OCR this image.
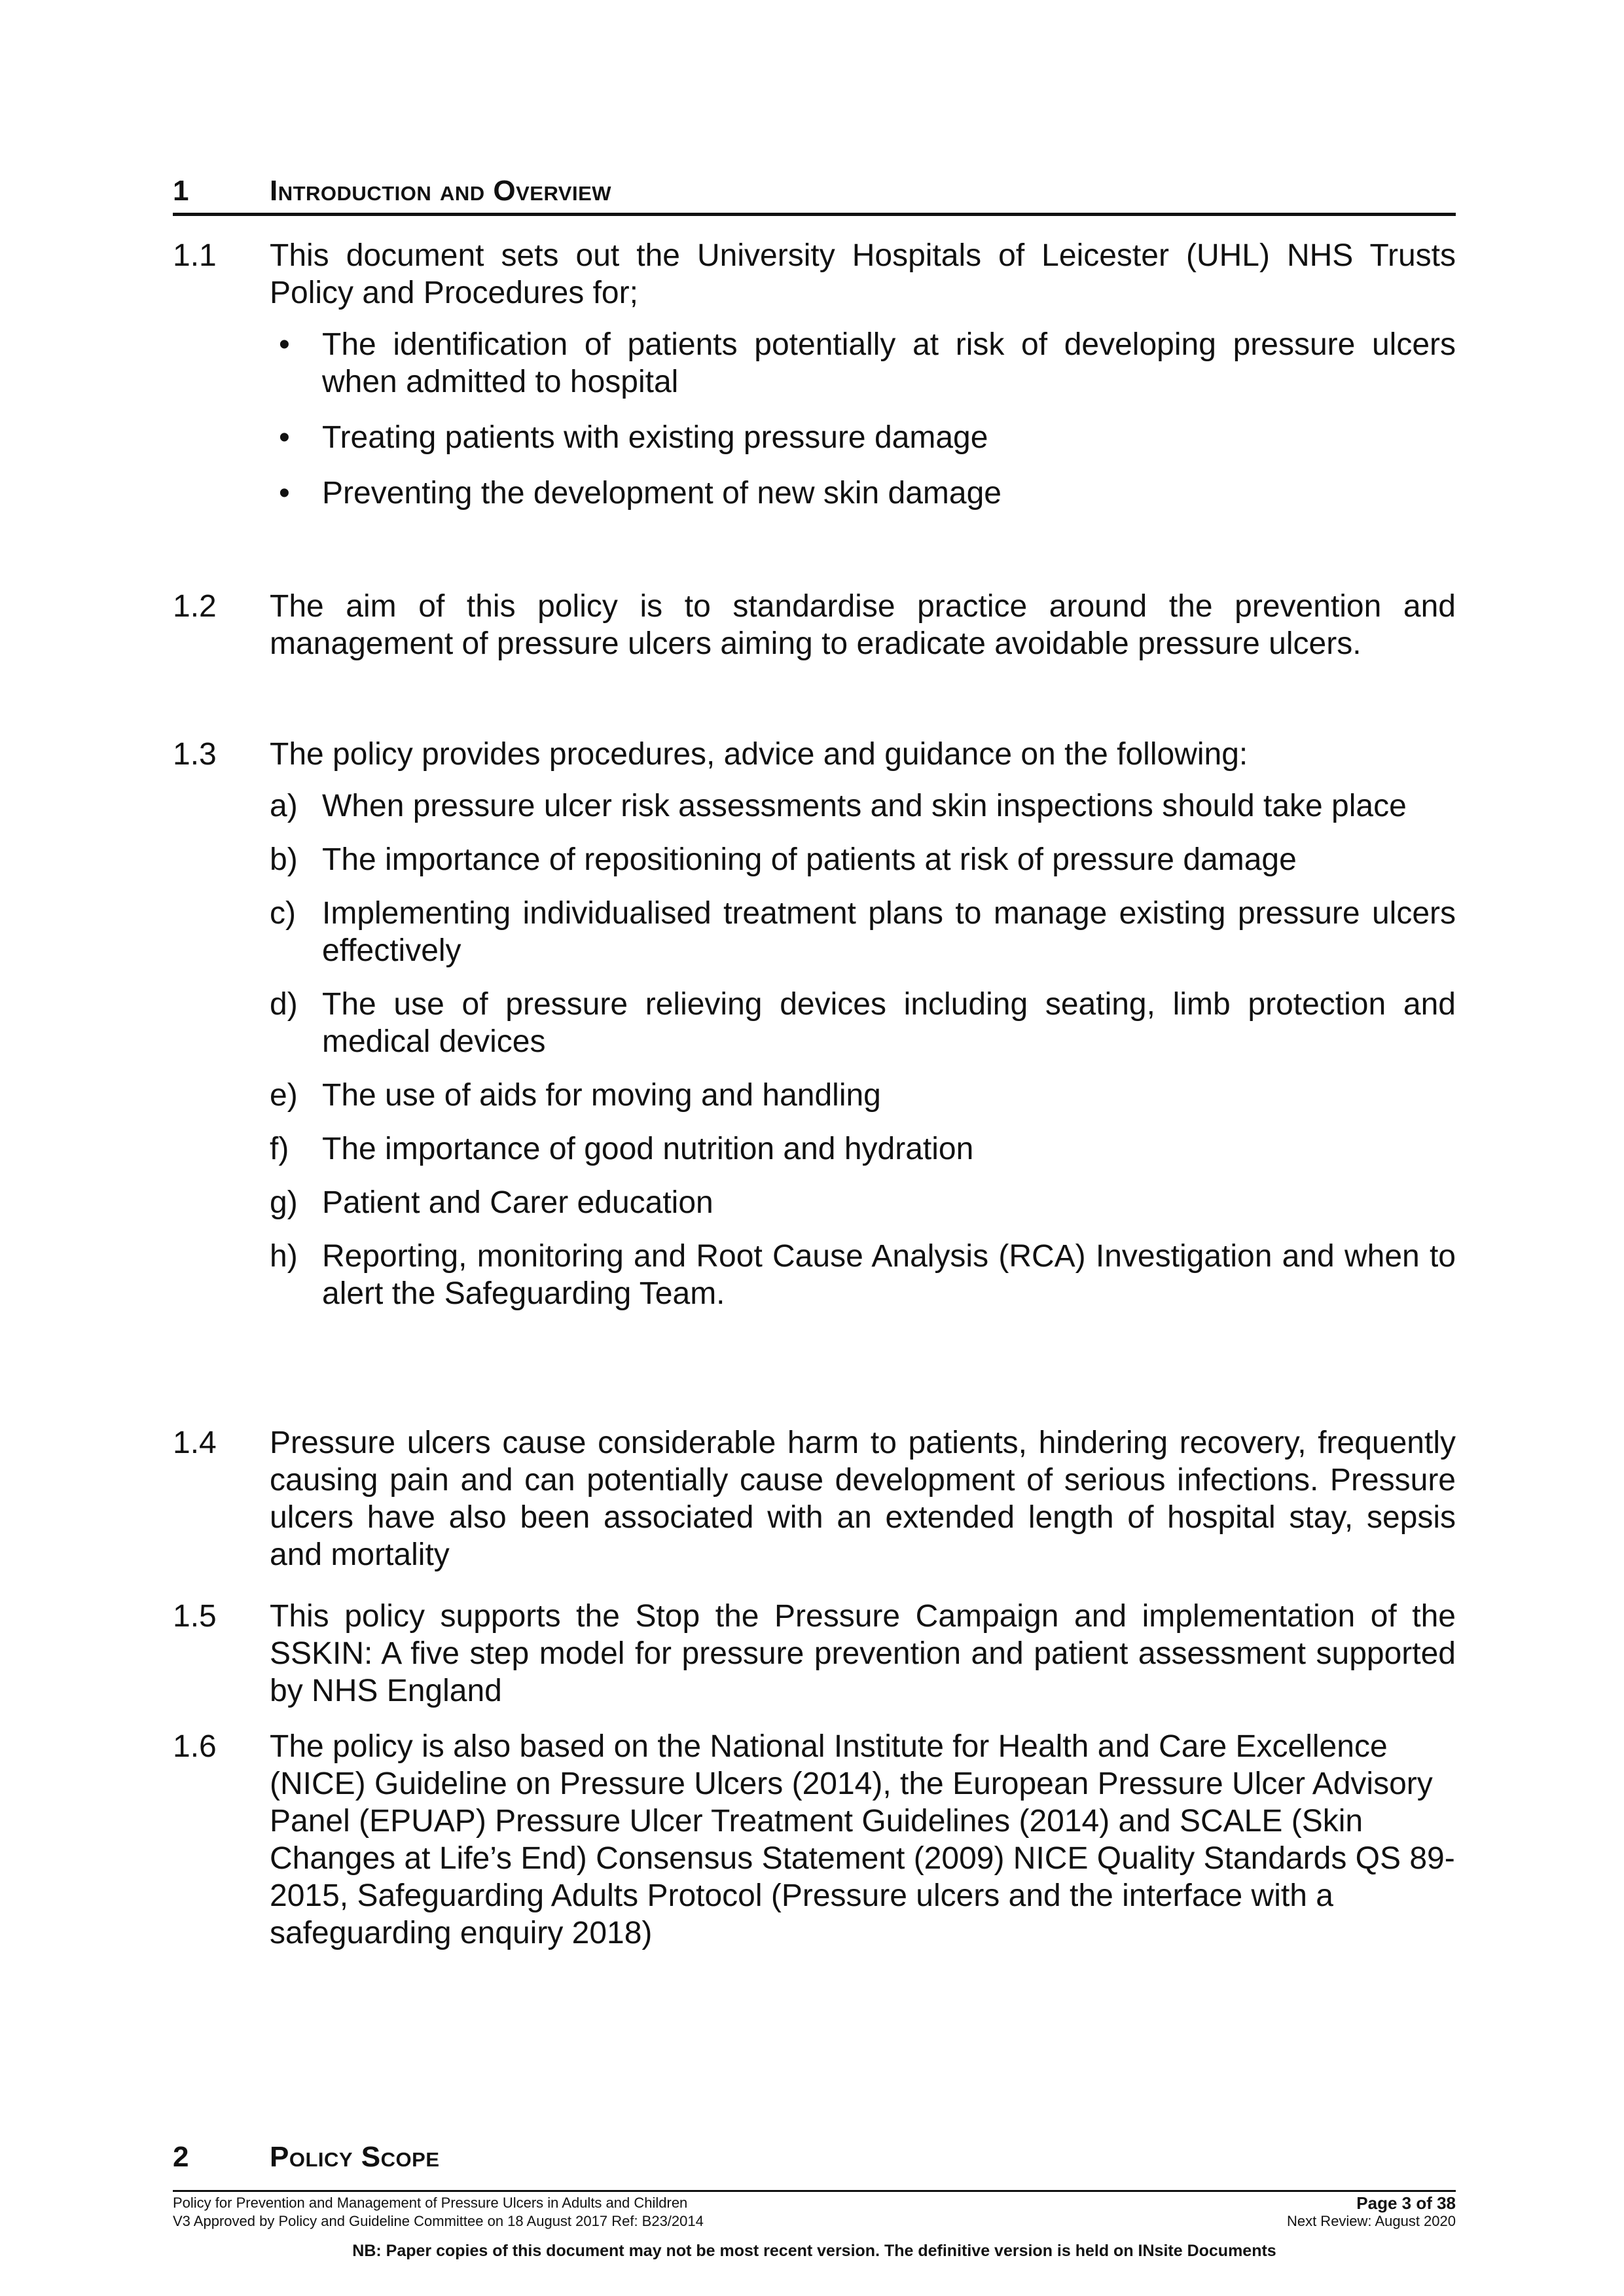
1	Introduction and Overview
1.1	This document sets out the University Hospitals of Leicester (UHL) NHS Trusts Policy and Procedures for;
• The identification of patients potentially at risk of developing pressure ulcers when admitted to hospital
• Treating patients with existing pressure damage
• Preventing the development of new skin damage
1.2	The aim of this policy is to standardise practice around the prevention and management of pressure ulcers aiming to eradicate avoidable pressure ulcers.
1.3	The policy provides procedures, advice and guidance on the following:
a) When pressure ulcer risk assessments and skin inspections should take place
b) The importance of repositioning of patients at risk of pressure damage
c) Implementing individualised treatment plans to manage existing pressure ulcers effectively
d) The use of pressure relieving devices including seating, limb protection and medical devices
e) The use of aids for moving and handling
f) The importance of good nutrition and hydration
g) Patient and Carer education
h) Reporting, monitoring and Root Cause Analysis (RCA) Investigation and when to alert the Safeguarding Team.
1.4	Pressure ulcers cause considerable harm to patients, hindering recovery, frequently causing pain and can potentially cause development of serious infections. Pressure ulcers have also been associated with an extended length of hospital stay, sepsis and mortality
1.5	This policy supports the Stop the Pressure Campaign and implementation of the SSKIN: A five step model for pressure prevention and patient assessment supported by NHS England
1.6	The policy is also based on the National Institute for Health and Care Excellence (NICE) Guideline on Pressure Ulcers (2014), the European Pressure Ulcer Advisory Panel (EPUAP) Pressure Ulcer Treatment Guidelines (2014) and SCALE (Skin Changes at Life’s End) Consensus Statement (2009) NICE Quality Standards QS 89-2015, Safeguarding Adults Protocol (Pressure ulcers and the interface with a safeguarding enquiry 2018)
2	Policy Scope
Policy for Prevention and Management of Pressure Ulcers in Adults and Children	Page 3 of 38
V3 Approved by Policy and Guideline Committee on 18 August 2017 Ref: B23/2014	Next Review: August 2020
NB: Paper copies of this document may not be most recent version. The definitive version is held on INsite Documents
